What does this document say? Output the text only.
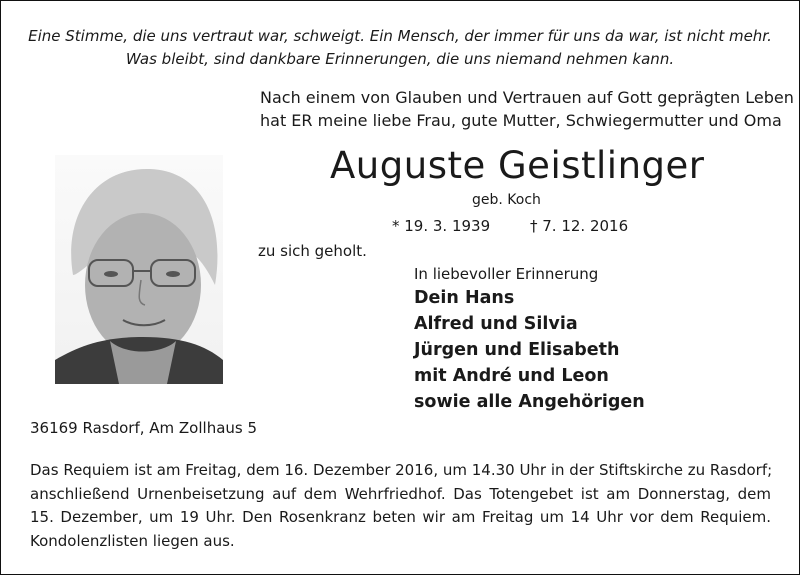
Eine Stimme, die uns vertraut war, schweigt. Ein Mensch, der immer für uns da war, ist nicht mehr.
Was bleibt, sind dankbare Erinnerungen, die uns niemand nehmen kann.
Nach einem von Glauben und Vertrauen auf Gott geprägten Leben
hat ER meine liebe Frau, gute Mutter, Schwiegermutter und Oma
Auguste Geistlinger
geb. Koch
* 19. 3. 1939	† 7. 12. 2016
zu sich geholt.
In liebevoller Erinnerung
Dein Hans
Alfred und Silvia
Jürgen und Elisabeth
mit André und Leon
sowie alle Angehörigen
36169 Rasdorf, Am Zollhaus 5
Das Requiem ist am Freitag, dem 16. Dezember 2016, um 14.30 Uhr in der Stiftskirche zu Rasdorf;
anschließend Urnenbeisetzung auf dem Wehrfriedhof. Das Totengebet ist am Donnerstag, dem
15. Dezember, um 19 Uhr. Den Rosenkranz beten wir am Freitag um 14 Uhr vor dem Requiem.
Kondolenzlisten liegen aus.
